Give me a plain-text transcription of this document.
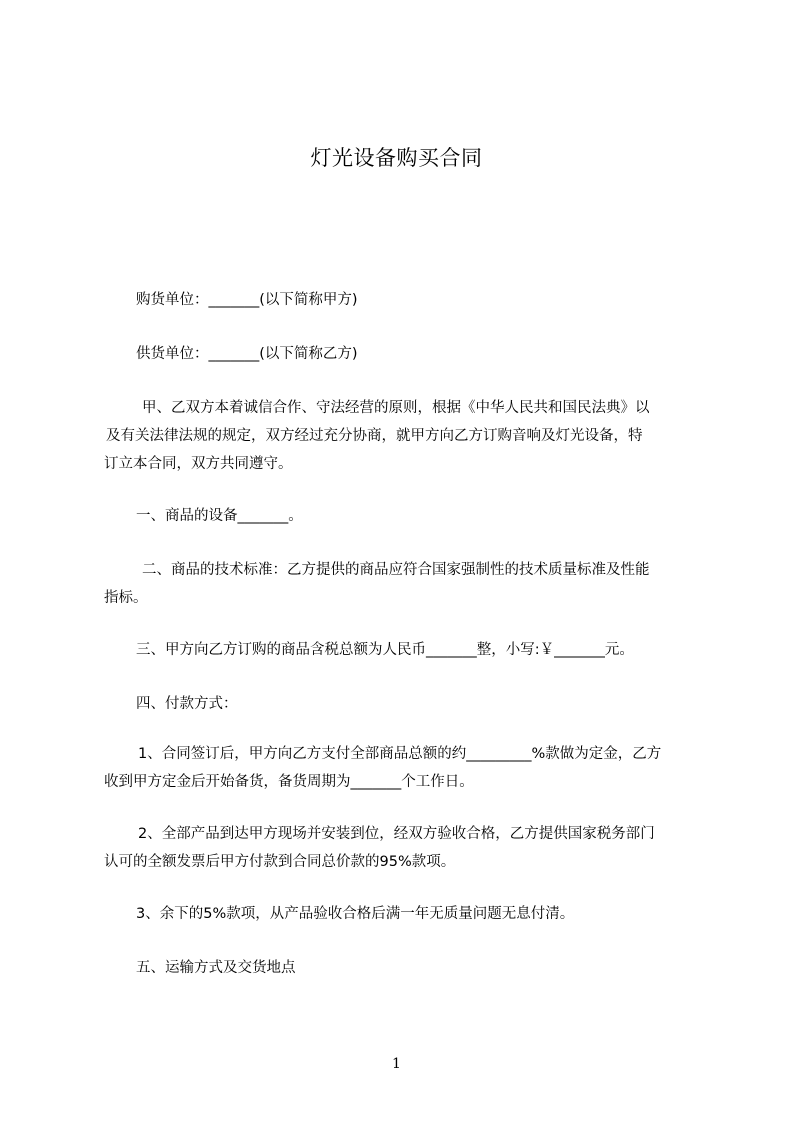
灯光设备购买合同
购货单位：_______(以下简称甲方)
供货单位：_______(以下简称乙方)
甲、乙双方本着诚信合作、守法经营的原则，根据《中华人民共和国民法典》以
及有关法律法规的规定，双方经过充分协商，就甲方向乙方订购音响及灯光设备，特
订立本合同，双方共同遵守。
一、商品的设备_______。
二、商品的技术标准：乙方提供的商品应符合国家强制性的技术质量标准及性能
指标。
三、甲方向乙方订购的商品含税总额为人民币_______整，小写:￥_______元。
四、付款方式：
1、合同签订后，甲方向乙方支付全部商品总额的约_________%款做为定金，乙方
收到甲方定金后开始备货，备货周期为_______个工作日。
2、全部产品到达甲方现场并安装到位，经双方验收合格，乙方提供国家税务部门
认可的全额发票后甲方付款到合同总价款的95%款项。
3、余下的5%款项，从产品验收合格后满一年无质量问题无息付清。
五、运输方式及交货地点
1
